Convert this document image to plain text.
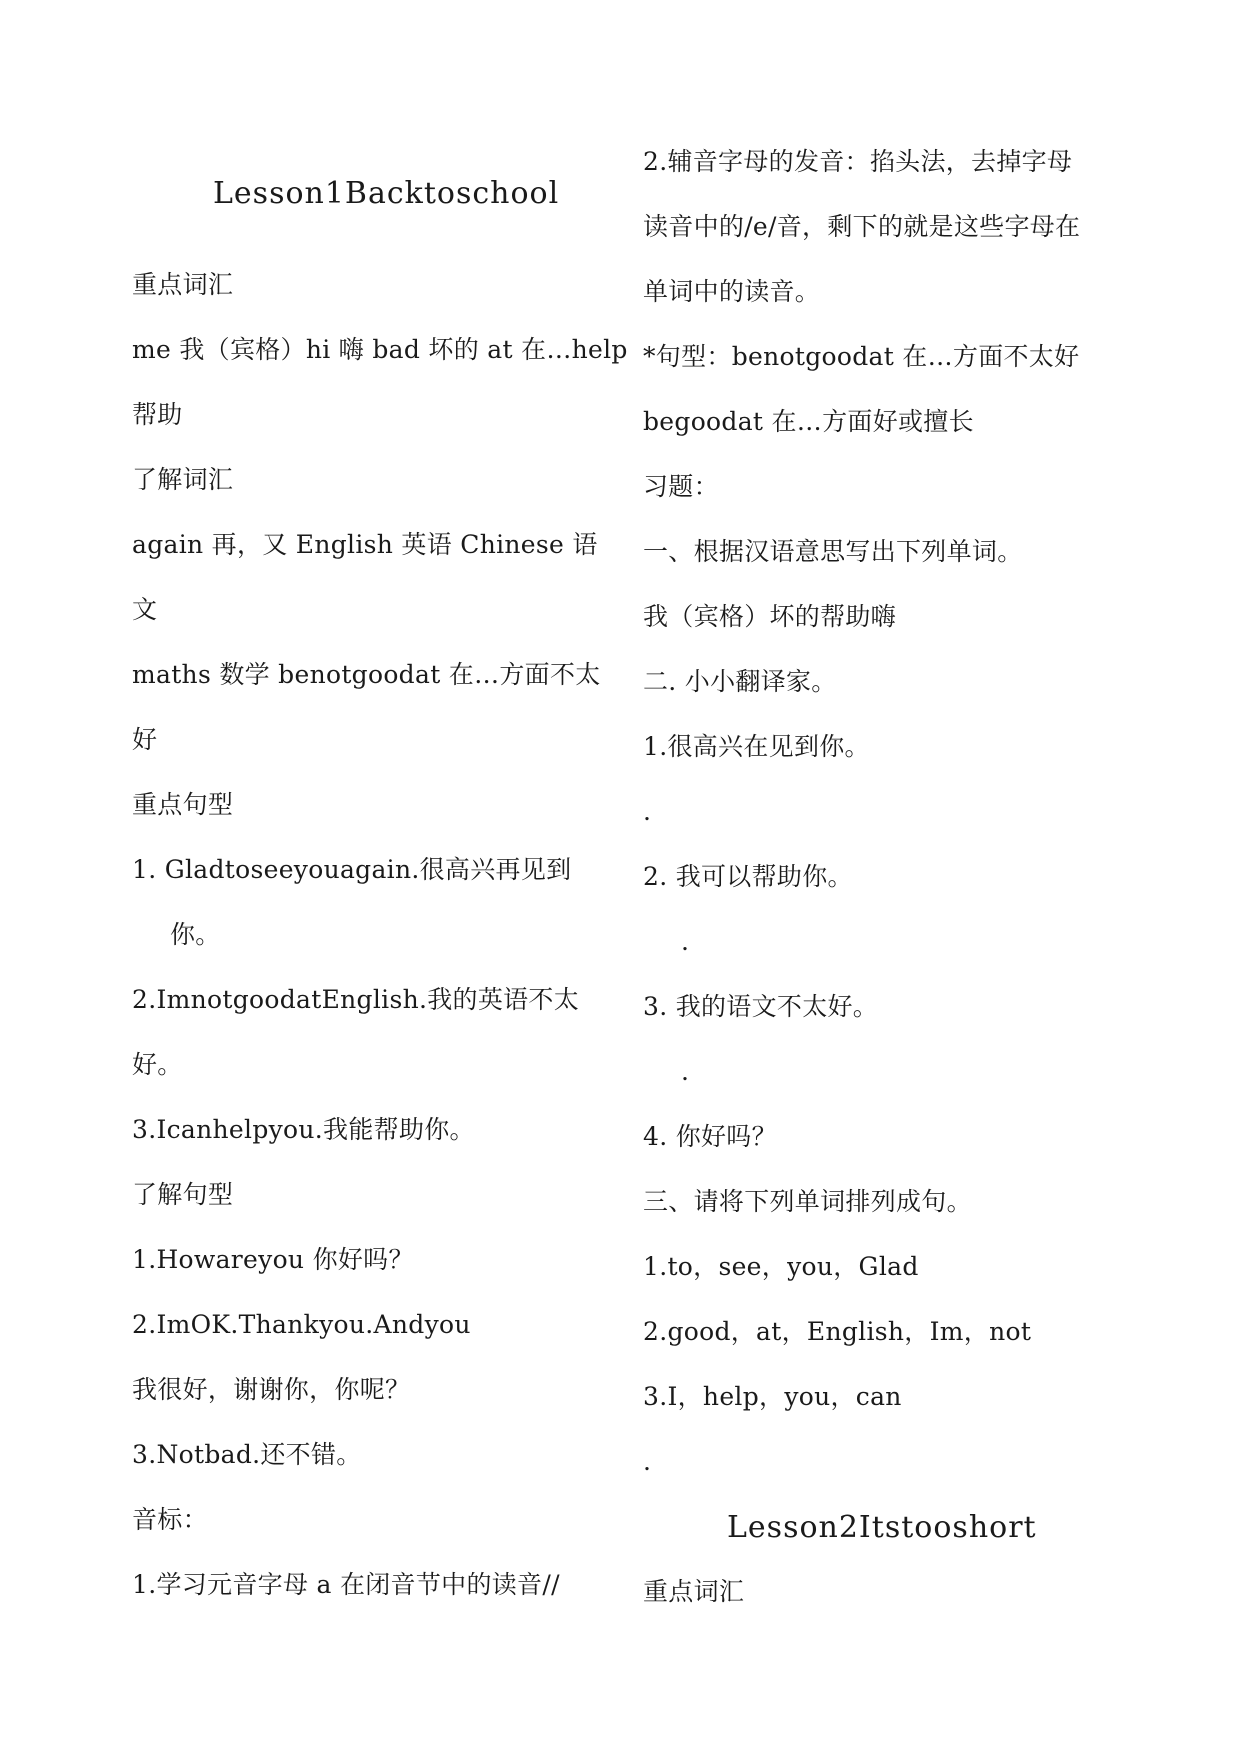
Lesson1Backtoschool
重点词汇
me 我（宾格）hi 嗨 bad 坏的 at 在…help
帮助
了解词汇
again 再，又 English 英语 Chinese 语
文
maths 数学 benotgoodat 在…方面不太
好
重点句型
1. Gladtoseeyouagain.很高兴再见到
你。
2.ImnotgoodatEnglish.我的英语不太
好。
3.Icanhelpyou.我能帮助你。
了解句型
1.Howareyou 你好吗？
2.ImOK.Thankyou.Andyou
我很好，谢谢你，你呢？
3.Notbad.还不错。
音标：
1.学习元音字母 a 在闭音节中的读音//
2.辅音字母的发音：掐头法，去掉字母
读音中的/e/音，剩下的就是这些字母在
单词中的读音。
*句型：benotgoodat 在…方面不太好
begoodat 在…方面好或擅长
习题：
一、根据汉语意思写出下列单词。
我（宾格）坏的帮助嗨
二. 小小翻译家。
1.很高兴在见到你。
.
2. 我可以帮助你。
.
3. 我的语文不太好。
.
4. 你好吗？
三、请将下列单词排列成句。
1.to，see，you，Glad
2.good，at，English，Im，not
3.I，help，you，can
.
Lesson2Itstooshort
重点词汇
